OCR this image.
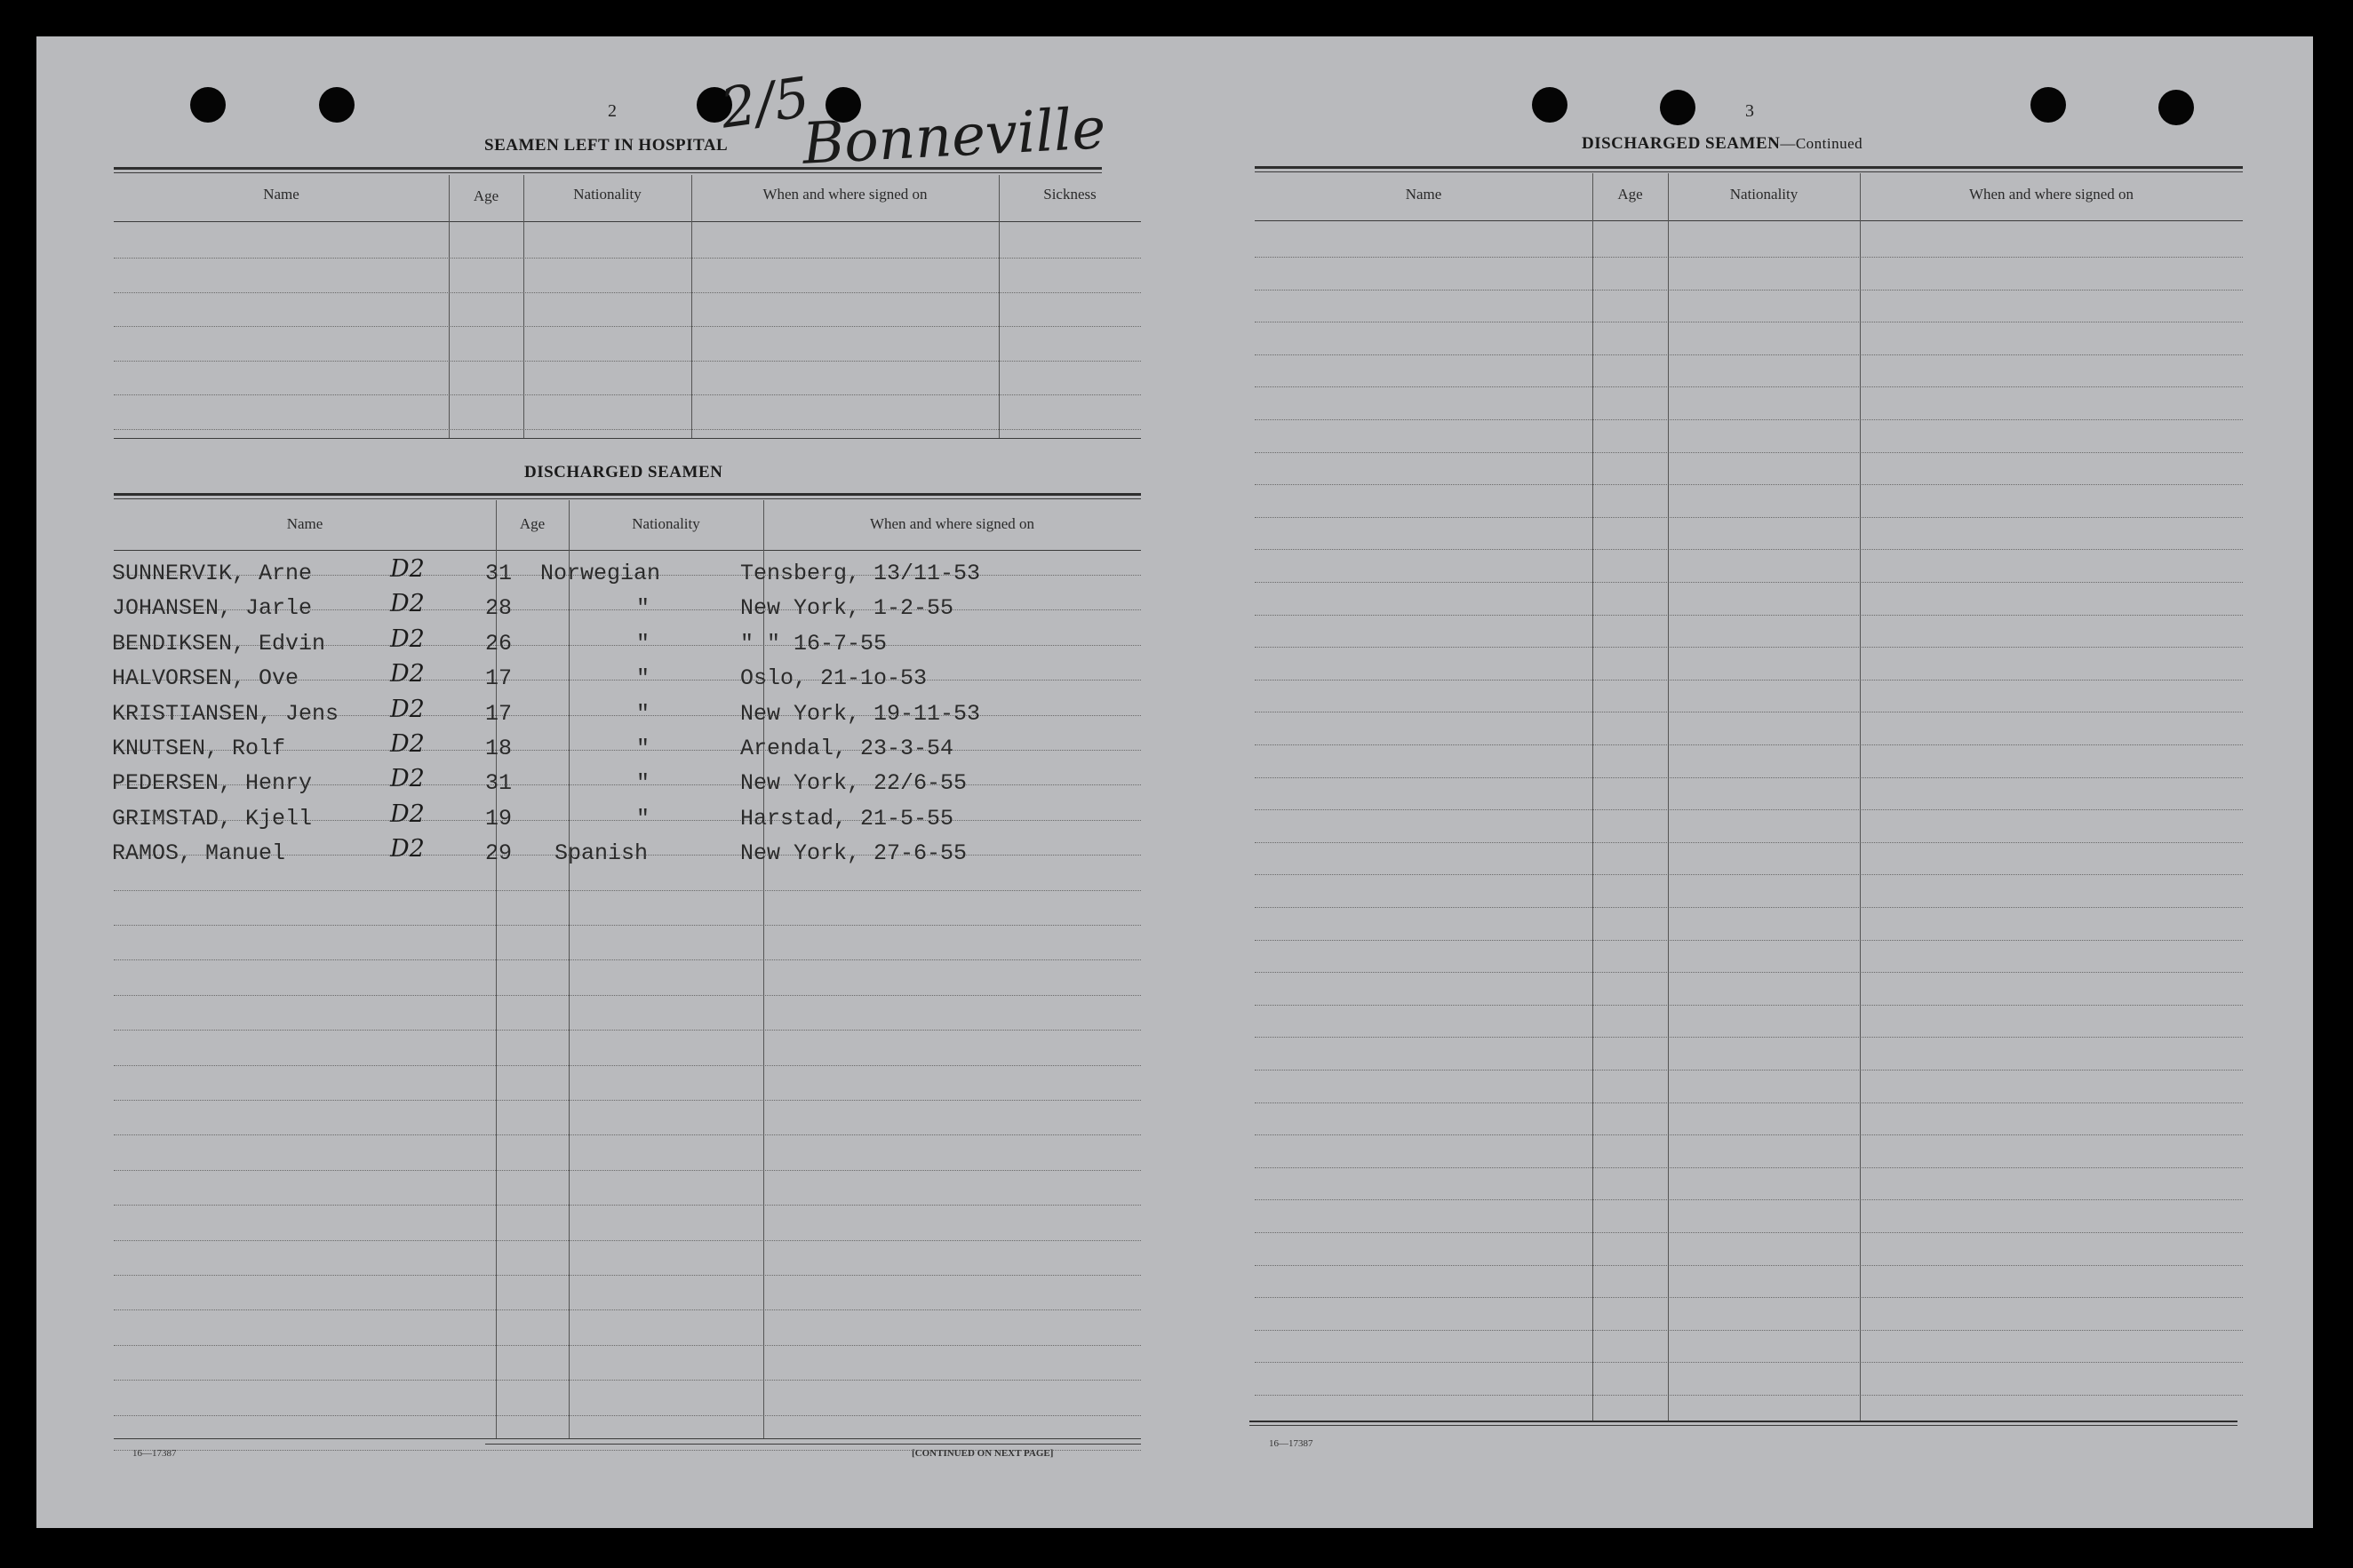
2 2/5
Bonneville
SEAMEN LEFT IN HOSPITAL
Name	Age	Nationality	When and where signed on	Sickness
DISCHARGED SEAMEN
Name	Age	Nationality	When and where signed on
SUNNERVIK, Arne	D2	31 Norwegian	Tensberg, 13/11-53
JOHANSEN, Jarle	D2	28	"	New York, 1-2-55
BENDIKSEN, Edvin	D2	26	"	" " 16-7-55
HALVORSEN, Ove	D2	17	"	Oslo, 21-1o-53
KRISTIANSEN, Jens D2	17	"	New York, 19-11-53
KNUTSEN, Rolf	D2	18	"	Arendal, 23-3-54
PEDERSEN, Henry	D2	31	"	New York, 22/6-55
GRIMSTAD, Kjell	D2	19	"	Harstad, 21-5-55
RAMOS, Manuel	D2	29 Spanish	New York, 27-6-55
16—17387	[CONTINUED ON NEXT PAGE]
3
DISCHARGED SEAMEN—Continued
Name	Age	Nationality	When and where signed on
16—17387
